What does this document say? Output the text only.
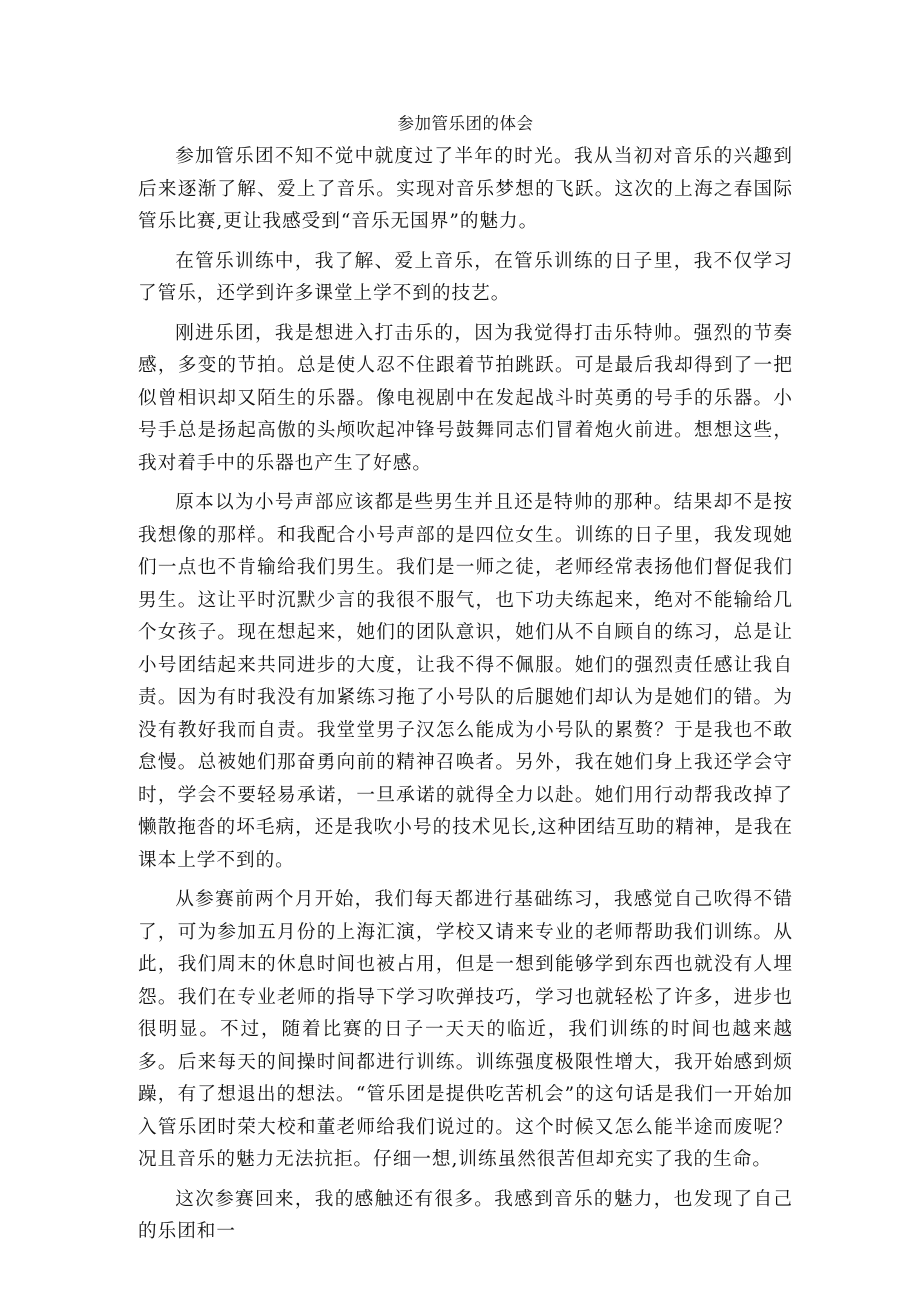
参加管乐团的体会

参加管乐团不知不觉中就度过了半年的时光。我从当初对音乐的兴趣到后来逐渐了解、爱上了音乐。实现对音乐梦想的飞跃。这次的上海之春国际管乐比赛,更让我感受到“音乐无国界”的魅力。

在管乐训练中，我了解、爱上音乐，在管乐训练的日子里，我不仅学习了管乐，还学到许多课堂上学不到的技艺。

刚进乐团，我是想进入打击乐的，因为我觉得打击乐特帅。强烈的节奏感，多变的节拍。总是使人忍不住跟着节拍跳跃。可是最后我却得到了一把似曾相识却又陌生的乐器。像电视剧中在发起战斗时英勇的号手的乐器。小号手总是扬起高傲的头颅吹起冲锋号鼓舞同志们冒着炮火前进。想想这些，我对着手中的乐器也产生了好感。

原本以为小号声部应该都是些男生并且还是特帅的那种。结果却不是按我想像的那样。和我配合小号声部的是四位女生。训练的日子里，我发现她们一点也不肯输给我们男生。我们是一师之徒，老师经常表扬他们督促我们男生。这让平时沉默少言的我很不服气，也下功夫练起来，绝对不能输给几个女孩子。现在想起来，她们的团队意识，她们从不自顾自的练习，总是让小号团结起来共同进步的大度，让我不得不佩服。她们的强烈责任感让我自责。因为有时我没有加紧练习拖了小号队的后腿她们却认为是她们的错。为没有教好我而自责。我堂堂男子汉怎么能成为小号队的累赘？于是我也不敢怠慢。总被她们那奋勇向前的精神召唤者。另外，我在她们身上我还学会守时，学会不要轻易承诺，一旦承诺的就得全力以赴。她们用行动帮我改掉了懒散拖沓的坏毛病，还是我吹小号的技术见长,这种团结互助的精神，是我在课本上学不到的。

从参赛前两个月开始，我们每天都进行基础练习，我感觉自己吹得不错了，可为参加五月份的上海汇演，学校又请来专业的老师帮助我们训练。从此，我们周末的休息时间也被占用，但是一想到能够学到东西也就没有人埋怨。我们在专业老师的指导下学习吹弹技巧，学习也就轻松了许多，进步也很明显。不过，随着比赛的日子一天天的临近，我们训练的时间也越来越多。后来每天的间操时间都进行训练。训练强度极限性增大，我开始感到烦躁，有了想退出的想法。“管乐团是提供吃苦机会”的这句话是我们一开始加入管乐团时荣大校和董老师给我们说过的。这个时候又怎么能半途而废呢？况且音乐的魅力无法抗拒。仔细一想,训练虽然很苦但却充实了我的生命。

这次参赛回来，我的感触还有很多。我感到音乐的魅力，也发现了自己的乐团和一
